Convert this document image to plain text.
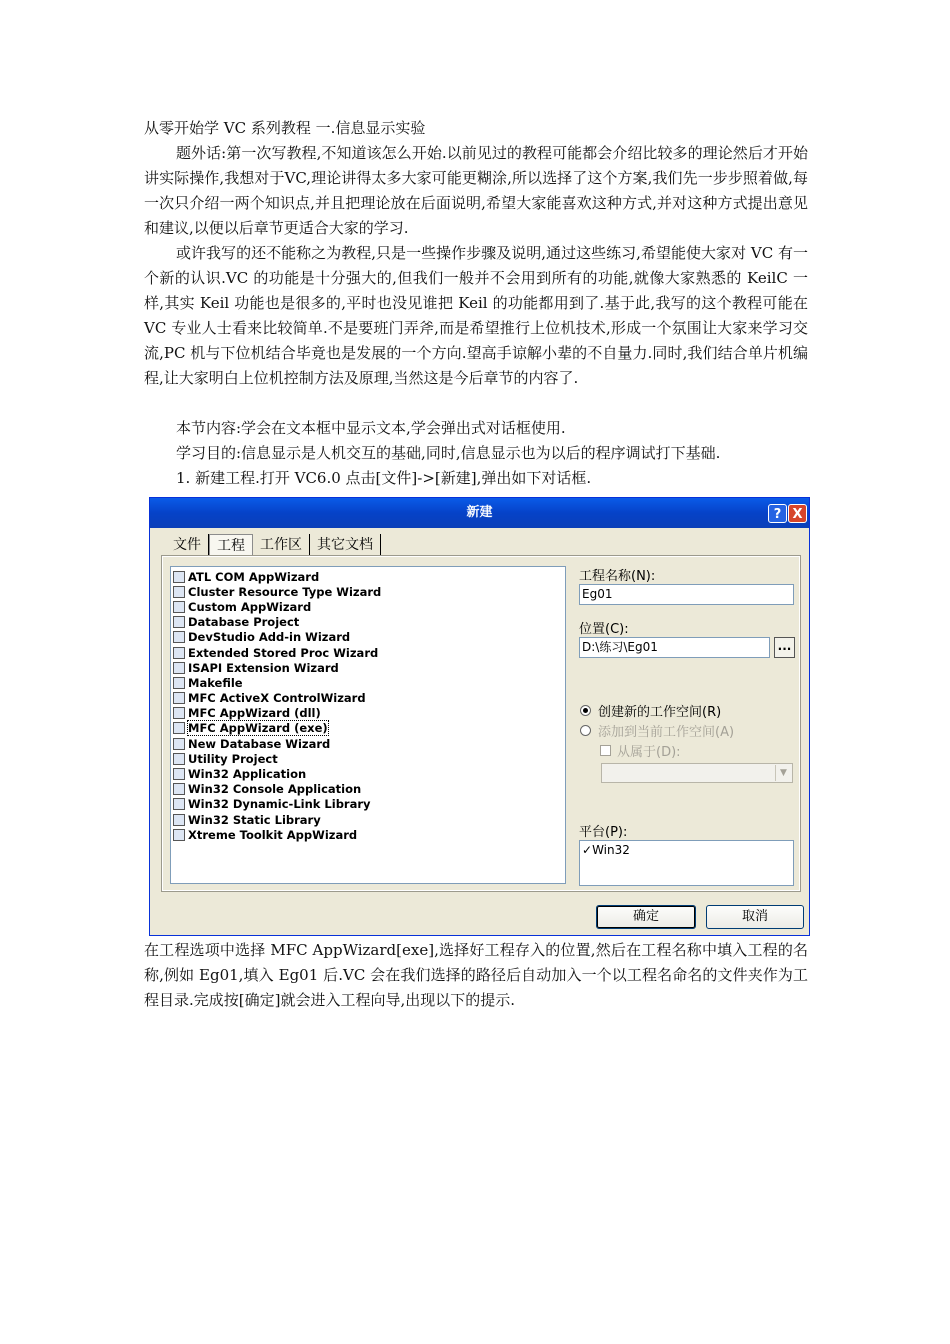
从零开始学 VC 系列教程 一.信息显示实验
题外话:第一次写教程,不知道该怎么开始.以前见过的教程可能都会介绍比较多的理论然后才开始讲实际操作,我想对于VC,理论讲得太多大家可能更糊涂,所以选择了这个方案,我们先一步步照着做,每一次只介绍一两个知识点,并且把理论放在后面说明,希望大家能喜欢这种方式,并对这种方式提出意见和建议,以便以后章节更适合大家的学习.
或许我写的还不能称之为教程,只是一些操作步骤及说明,通过这些练习,希望能使大家对 VC 有一个新的认识.VC 的功能是十分强大的,但我们一般并不会用到所有的功能,就像大家熟悉的 KeilC 一样,其实 Keil 功能也是很多的,平时也没见谁把 Keil 的功能都用到了.基于此,我写的这个教程可能在 VC 专业人士看来比较简单.不是要班门弄斧,而是希望推行上位机技术,形成一个氛围让大家来学习交流,PC 机与下位机结合毕竟也是发展的一个方向.望高手谅解小辈的不自量力.同时,我们结合单片机编程,让大家明白上位机控制方法及原理,当然这是今后章节的内容了.
本节内容:学会在文本框中显示文本,学会弹出式对话框使用.
学习目的:信息显示是人机交互的基础,同时,信息显示也为以后的程序调试打下基础.
1. 新建工程.打开 VC6.0 点击[文件]->[新建],弹出如下对话框.
新建	? X
文件	工程	工作区	其它文档
ATL COM AppWizard
Cluster Resource Type Wizard
Custom AppWizard
Database Project
DevStudio Add-in Wizard
Extended Stored Proc Wizard
ISAPI Extension Wizard
Makefile
MFC ActiveX ControlWizard
MFC AppWizard (dll)
MFC AppWizard (exe)
New Database Wizard
Utility Project
Win32 Application
Win32 Console Application
Win32 Dynamic-Link Library
Win32 Static Library
Xtreme Toolkit AppWizard
工程名称(N):
Eg01
位置(C):
D:\练习\Eg01	...
创建新的工作空间(R)
添加到当前工作空间(A)
从属于(D):
▼
平台(P):
✓Win32
确定	取消
在工程选项中选择 MFC AppWizard[exe],选择好工程存入的位置,然后在工程名称中填入工程的名称,例如 Eg01,填入 Eg01 后.VC 会在我们选择的路径后自动加入一个以工程名命名的文件夹作为工程目录.完成按[确定]就会进入工程向导,出现以下的提示.
